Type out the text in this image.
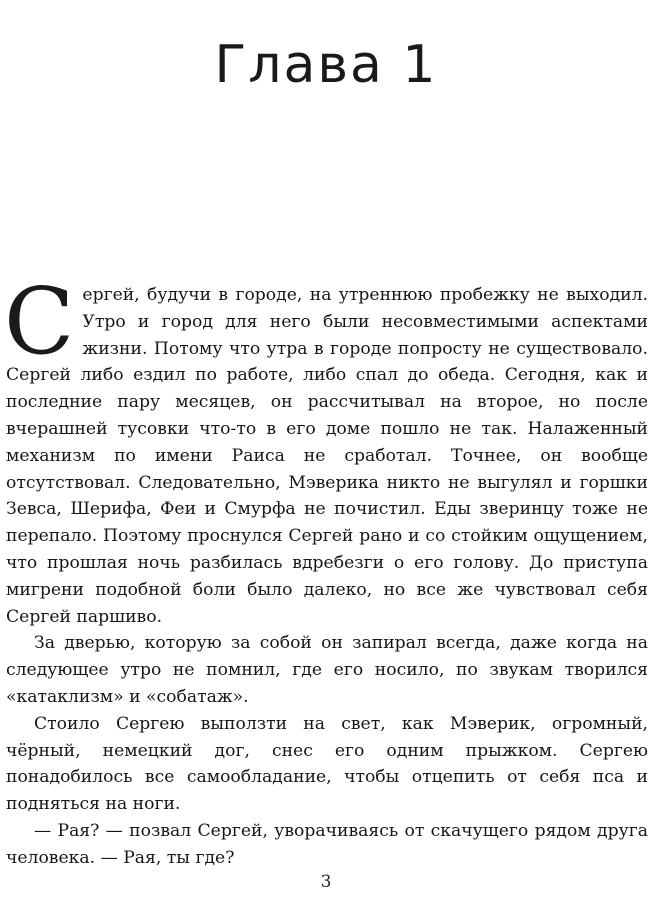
Глава 1

Сергей, будучи в городе, на утреннюю пробежку не выходил. Утро и город для него были несовместимыми аспектами жизни. Потому что утра в городе попросту не существовало. Сергей либо ездил по работе, либо спал до обеда. Сегодня, как и последние пару месяцев, он рассчитывал на второе, но после вчерашней тусовки что-то в его доме пошло не так. Налаженный механизм по имени Раиса не сработал. Точнее, он вообще отсутствовал. Следовательно, Мэверика никто не выгулял и горшки Зевса, Шерифа, Феи и Смурфа не почистил. Еды зверинцу тоже не перепало. Поэтому проснулся Сергей рано и со стойким ощущением, что прошлая ночь разбилась вдребезги о его голову. До приступа мигрени подобной боли было далеко, но все же чувствовал себя Сергей паршиво.

За дверью, которую за собой он запирал всегда, даже когда на следующее утро не помнил, где его носило, по звукам творился «катаклизм» и «собатаж».

Стоило Сергею выползти на свет, как Мэверик, огромный, чёрный, немецкий дог, снес его одним прыжком. Сергею понадобилось все самообладание, чтобы отцепить от себя пса и подняться на ноги.

— Рая? — позвал Сергей, уворачиваясь от скачущего рядом друга человека. — Рая, ты где?

3
